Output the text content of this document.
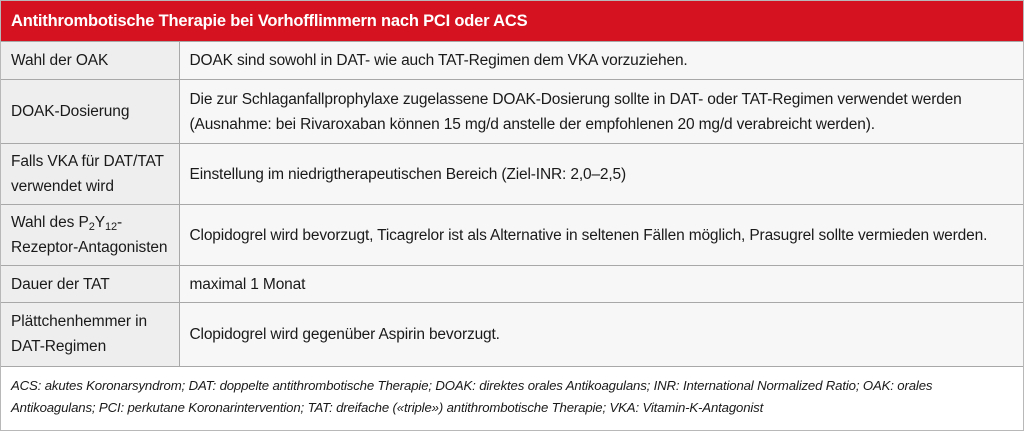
Antithrombotische Therapie bei Vorhofflimmern nach PCI oder ACS
Wahl der OAK	DOAK sind sowohl in DAT- wie auch TAT-Regimen dem VKA vorzuziehen.
DOAK-Dosierung	Die zur Schlaganfallprophylaxe zugelassene DOAK-Dosierung sollte in DAT- oder TAT-Regimen verwendet werden (Ausnahme: bei Rivaroxaban können 15 mg/d anstelle der empfohlenen 20 mg/d verabreicht werden).
Falls VKA für DAT/TAT verwendet wird	Einstellung im niedrigtherapeutischen Bereich (Ziel-INR: 2,0–2,5)
Wahl des $P_2Y_{12}-Rezeptor$-Antagonisten	Clopidogrel wird bevorzugt, Ticagrelor ist als Alternative in seltenen Fällen möglich, Prasugrel sollte vermieden werden.
Dauer der TAT	maximal 1 Monat
Plättchenhemmer in DAT-Regimen	Clopidogrel wird gegenüber Aspirin bevorzugt.
ACS: akutes Koronarsyndrom; DAT: doppelte antithrombotische Therapie; DOAK: direktes orales Antikoagulans; INR: International Normalized Ratio; OAK: orales Antikoagulans; PCI: perkutane Koronarintervention; TAT: dreifache («triple») antithrombotische Therapie; VKA: Vitamin-K-Antagonist
